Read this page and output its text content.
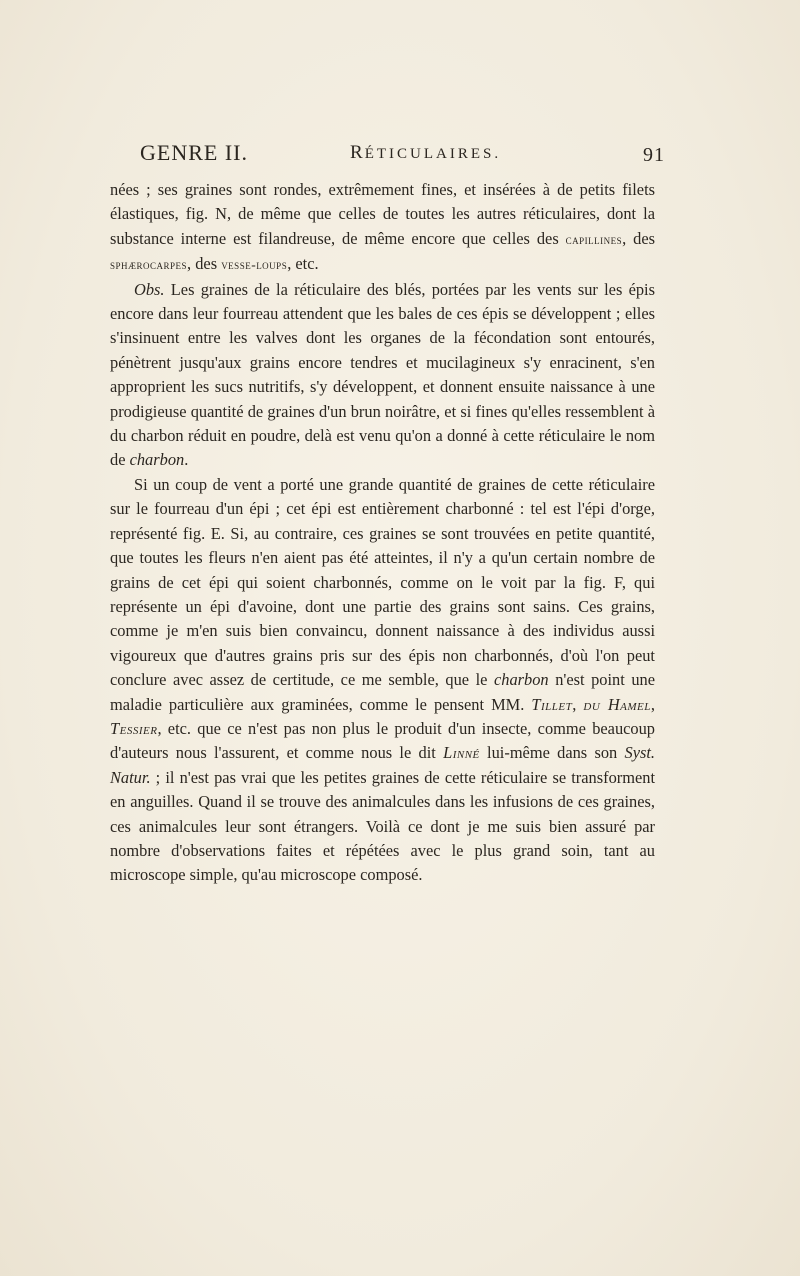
GENRE II.	RÉTICULAIRES.	91

nées ; ses graines sont rondes, extrêmement fines, et insérées à de petits filets élastiques, fig. N, de même que celles de toutes les autres réticulaires, dont la substance interne est filandreuse, de même encore que celles des capillines, des sphærocarpes, des vesse-loups, etc.

Obs. Les graines de la réticulaire des blés, portées par les vents sur les épis encore dans leur fourreau attendent que les bales de ces épis se développent ; elles s'insinuent entre les valves dont les organes de la fécondation sont entourés, pénètrent jusqu'aux grains encore tendres et mucilagineux s'y enracinent, s'en approprient les sucs nutritifs, s'y développent, et donnent ensuite naissance à une prodigieuse quantité de graines d'un brun noirâtre, et si fines qu'elles ressemblent à du charbon réduit en poudre, delà est venu qu'on a donné à cette réticulaire le nom de charbon.

Si un coup de vent a porté une grande quantité de graines de cette réticulaire sur le fourreau d'un épi ; cet épi est entièrement charbonné : tel est l'épi d'orge, représenté fig. E. Si, au contraire, ces graines se sont trouvées en petite quantité, que toutes les fleurs n'en aient pas été atteintes, il n'y a qu'un certain nombre de grains de cet épi qui soient charbonnés, comme on le voit par la fig. F, qui représente un épi d'avoine, dont une partie des grains sont sains. Ces grains, comme je m'en suis bien convaincu, donnent naissance à des individus aussi vigoureux que d'autres grains pris sur des épis non charbonnés, d'où l'on peut conclure avec assez de certitude, ce me semble, que le charbon n'est point une maladie particulière aux graminées, comme le pensent MM. Tillet, du Hamel, Tessier, etc. que ce n'est pas non plus le produit d'un insecte, comme beaucoup d'auteurs nous l'assurent, et comme nous le dit Linné lui-même dans son Syst. Natur. ; il n'est pas vrai que les petites graines de cette réticulaire se transforment en anguilles. Quand il se trouve des animalcules dans les infusions de ces graines, ces animalcules leur sont étrangers. Voilà ce dont je me suis bien assuré par nombre d'observations faites et répétées avec le plus grand soin, tant au microscope simple, qu'au microscope composé.
